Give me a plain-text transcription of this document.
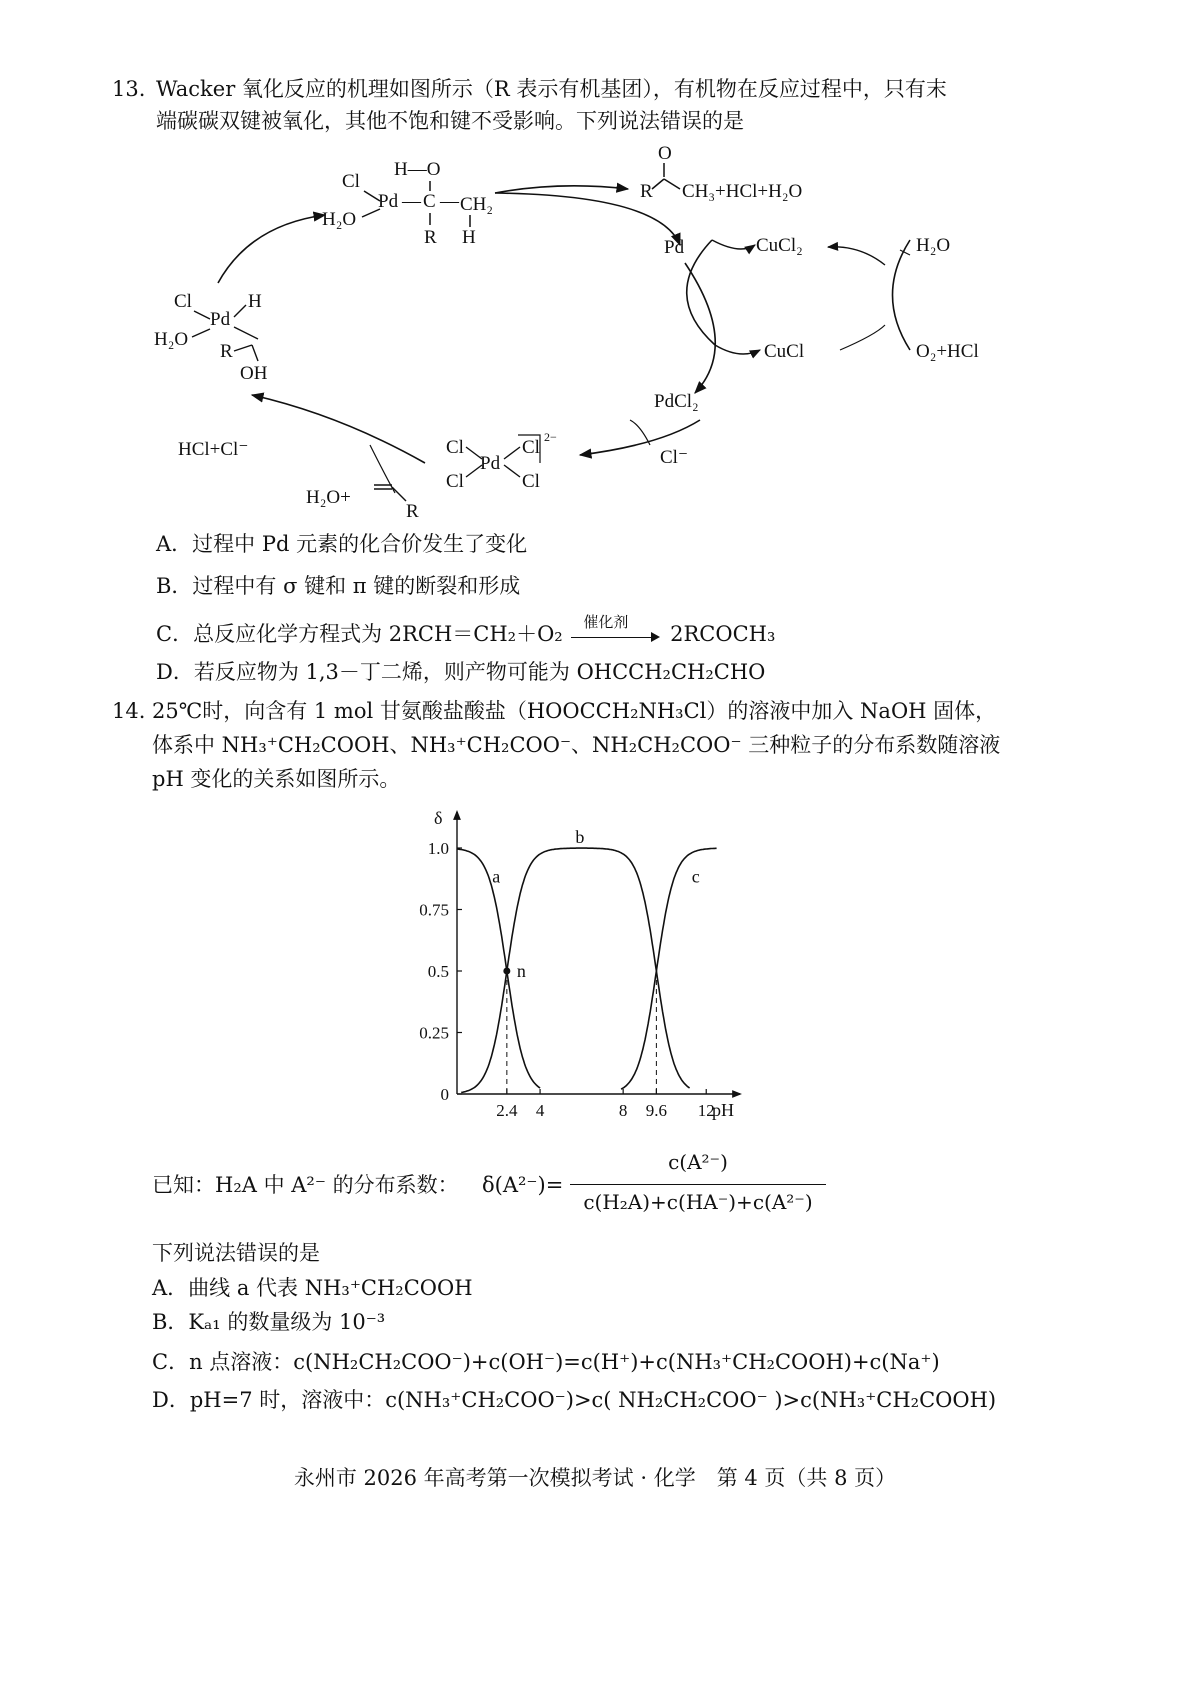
13. Wacker 氧化反应的机理如图所示（R 表示有机基团），有机物在反应过程中，只有末
端碳碳双键被氧化，其他不饱和键不受影响。下列说法错误的是
Cl
H₂O
Pd — C — CH₂
H—O
R H
O
R CH₃+HCl+H₂O
Pd
PdCl₂
Cl⁻
CuCl₂
CuCl
H₂O
O₂+HCl
Cl
Cl
Pd
Cl
Cl
2−
HCl+Cl⁻
H₂O+
R
Cl
H₂O
Pd
H
R
OH
A．过程中 Pd 元素的化合价发生了变化
B．过程中有 σ 键和 π 键的断裂和形成
C．总反应化学方程式为 2RCH＝CH₂＋O₂
催化剂
2RCOCH₃
D．若反应物为 1,3－丁二烯，则产物可能为 OHCCH₂CH₂CHO
14. 25℃时，向含有 1 mol 甘氨酸盐酸盐（HOOCCH₂NH₃Cl）的溶液中加入 NaOH 固体，
体系中 NH₃⁺CH₂COOH、NH₃⁺CH₂COO⁻、NH₂CH₂COO⁻ 三种粒子的分布系数随溶液
pH 变化的关系如图所示。
δ
pH
0
0.25
0.5
0.75
1.0
2.4 4	8 9.6 12
a
b
c
n
已知：H₂A 中 A²⁻ 的分布系数： δ(A²⁻)=
c(A²⁻)
c(H₂A)+c(HA⁻)+c(A²⁻)
下列说法错误的是
A．曲线 a 代表 NH₃⁺CH₂COOH
B．Kₐ₁ 的数量级为 10⁻³
C．n 点溶液：c(NH₂CH₂COO⁻)+c(OH⁻)=c(H⁺)+c(NH₃⁺CH₂COOH)+c(Na⁺)
D．pH=7 时，溶液中：c(NH₃⁺CH₂COO⁻)>c( NH₂CH₂COO⁻ )>c(NH₃⁺CH₂COOH)
永州市 2026 年高考第一次模拟考试 · 化学　第 4 页（共 8 页）
